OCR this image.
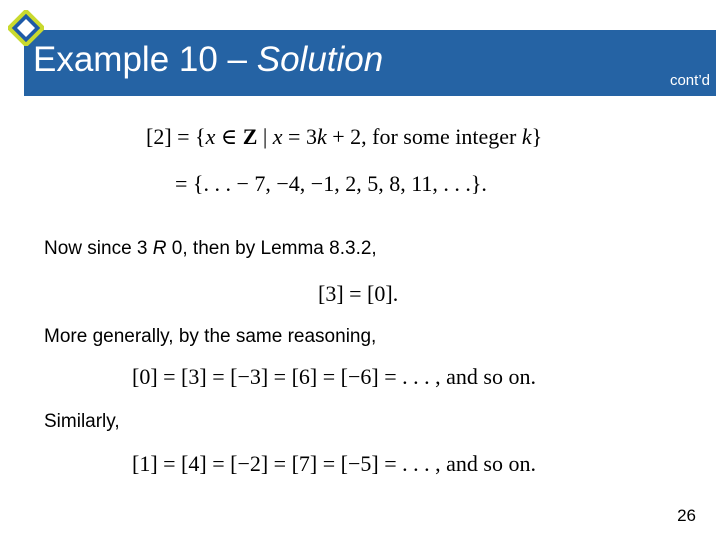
Example 10 – Solution
cont’d
[2] = {x ∈ Z | x = 3k + 2, for some integer k}
= {. . . − 7, −4, −1, 2, 5, 8, 11, . . .}.
Now since 3 R 0, then by Lemma 8.3.2,
[3] = [0].
More generally, by the same reasoning,
[0] = [3] = [−3] = [6] = [−6] = . . . , and so on.
Similarly,
[1] = [4] = [−2] = [7] = [−5] = . . . , and so on.
26
